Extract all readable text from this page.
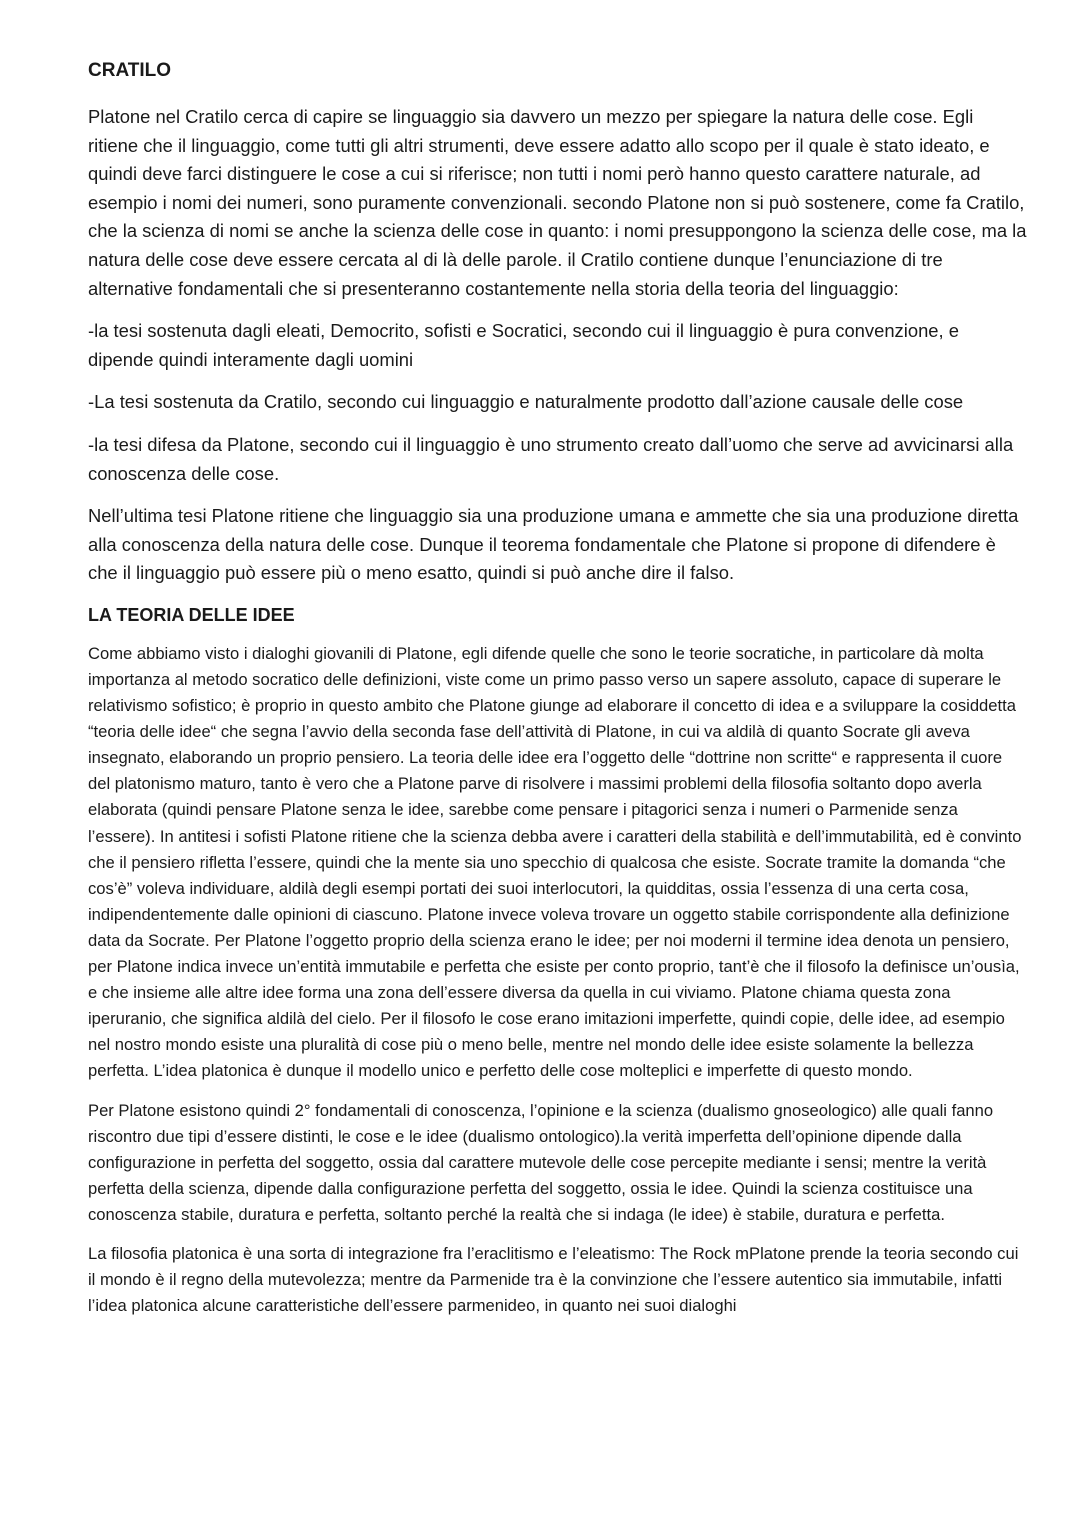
CRATILO

Platone nel Cratilo cerca di capire se linguaggio sia davvero un mezzo per spiegare la natura delle cose. Egli ritiene che il linguaggio, come tutti gli altri strumenti, deve essere adatto allo scopo per il quale è stato ideato, e quindi deve farci distinguere le cose a cui si riferisce; non tutti i nomi però hanno questo carattere naturale, ad esempio i nomi dei numeri, sono puramente convenzionali. secondo Platone non si può sostenere, come fa Cratilo, che la scienza di nomi se anche la scienza delle cose in quanto: i nomi presuppongono la scienza delle cose, ma la natura delle cose deve essere cercata al di là delle parole. il Cratilo contiene dunque l’enunciazione di tre alternative fondamentali che si presenteranno costantemente nella storia della teoria del linguaggio:

-la tesi sostenuta dagli eleati, Democrito, sofisti e Socratici, secondo cui il linguaggio è pura convenzione, e dipende quindi interamente dagli uomini

-La tesi sostenuta da Cratilo, secondo cui linguaggio e naturalmente prodotto dall’azione causale delle cose

-la tesi difesa da Platone, secondo cui il linguaggio è uno strumento creato dall’uomo che serve ad avvicinarsi alla conoscenza delle cose.

Nell’ultima tesi Platone ritiene che linguaggio sia una produzione umana e ammette che sia una produzione diretta alla conoscenza della natura delle cose. Dunque il teorema fondamentale che Platone si propone di difendere è che il linguaggio può essere più o meno esatto, quindi si può anche dire il falso.

LA TEORIA DELLE IDEE

Come abbiamo visto i dialoghi giovanili di Platone, egli difende quelle che sono le teorie socratiche, in particolare dà molta importanza al metodo socratico delle definizioni, viste come un primo passo verso un sapere assoluto, capace di superare le relativismo sofistico; è proprio in questo ambito che Platone giunge ad elaborare il concetto di idea e a sviluppare la cosiddetta “teoria delle idee“ che segna l’avvio della seconda fase dell’attività di Platone, in cui va aldilà di quanto Socrate gli aveva insegnato, elaborando un proprio pensiero. La teoria delle idee era l’oggetto delle “dottrine non scritte“ e rappresenta il cuore del platonismo maturo, tanto è vero che a Platone parve di risolvere i massimi problemi della filosofia soltanto dopo averla elaborata (quindi pensare Platone senza le idee, sarebbe come pensare i pitagorici senza i numeri o Parmenide senza l’essere). In antitesi i sofisti Platone ritiene che la scienza debba avere i caratteri della stabilità e dell’immutabilità, ed è convinto che il pensiero rifletta l’essere, quindi che la mente sia uno specchio di qualcosa che esiste. Socrate tramite la domanda “che cos’è” voleva individuare, aldilà degli esempi portati dei suoi interlocutori, la quidditas, ossia l’essenza di una certa cosa, indipendentemente dalle opinioni di ciascuno. Platone invece voleva trovare un oggetto stabile corrispondente alla definizione data da Socrate. Per Platone l’oggetto proprio della scienza erano le idee; per noi moderni il termine idea denota un pensiero, per Platone indica invece un’entità immutabile e perfetta che esiste per conto proprio, tant’è che il filosofo la definisce un’ousìa, e che insieme alle altre idee forma una zona dell’essere diversa da quella in cui viviamo. Platone chiama questa zona iperuranio, che significa aldilà del cielo. Per il filosofo le cose erano imitazioni imperfette, quindi copie, delle idee, ad esempio nel nostro mondo esiste una pluralità di cose più o meno belle, mentre nel mondo delle idee esiste solamente la bellezza perfetta. L’idea platonica è dunque il modello unico e perfetto delle cose molteplici e imperfette di questo mondo.

Per Platone esistono quindi 2° fondamentali di conoscenza, l’opinione e la scienza (dualismo gnoseologico) alle quali fanno riscontro due tipi d’essere distinti, le cose e le idee (dualismo ontologico).la verità imperfetta dell’opinione dipende dalla configurazione in perfetta del soggetto, ossia dal carattere mutevole delle cose percepite mediante i sensi; mentre la verità perfetta della scienza, dipende dalla configurazione perfetta del soggetto, ossia le idee. Quindi la scienza costituisce una conoscenza stabile, duratura e perfetta, soltanto perché la realtà che si indaga (le idee) è stabile, duratura e perfetta.

La filosofia platonica è una sorta di integrazione fra l’eraclitismo e l’eleatismo: The Rock mPlatone prende la teoria secondo cui il mondo è il regno della mutevolezza; mentre da Parmenide tra è la convinzione che l’essere autentico sia immutabile, infatti l’idea platonica alcune caratteristiche dell’essere parmenideo, in quanto nei suoi dialoghi
